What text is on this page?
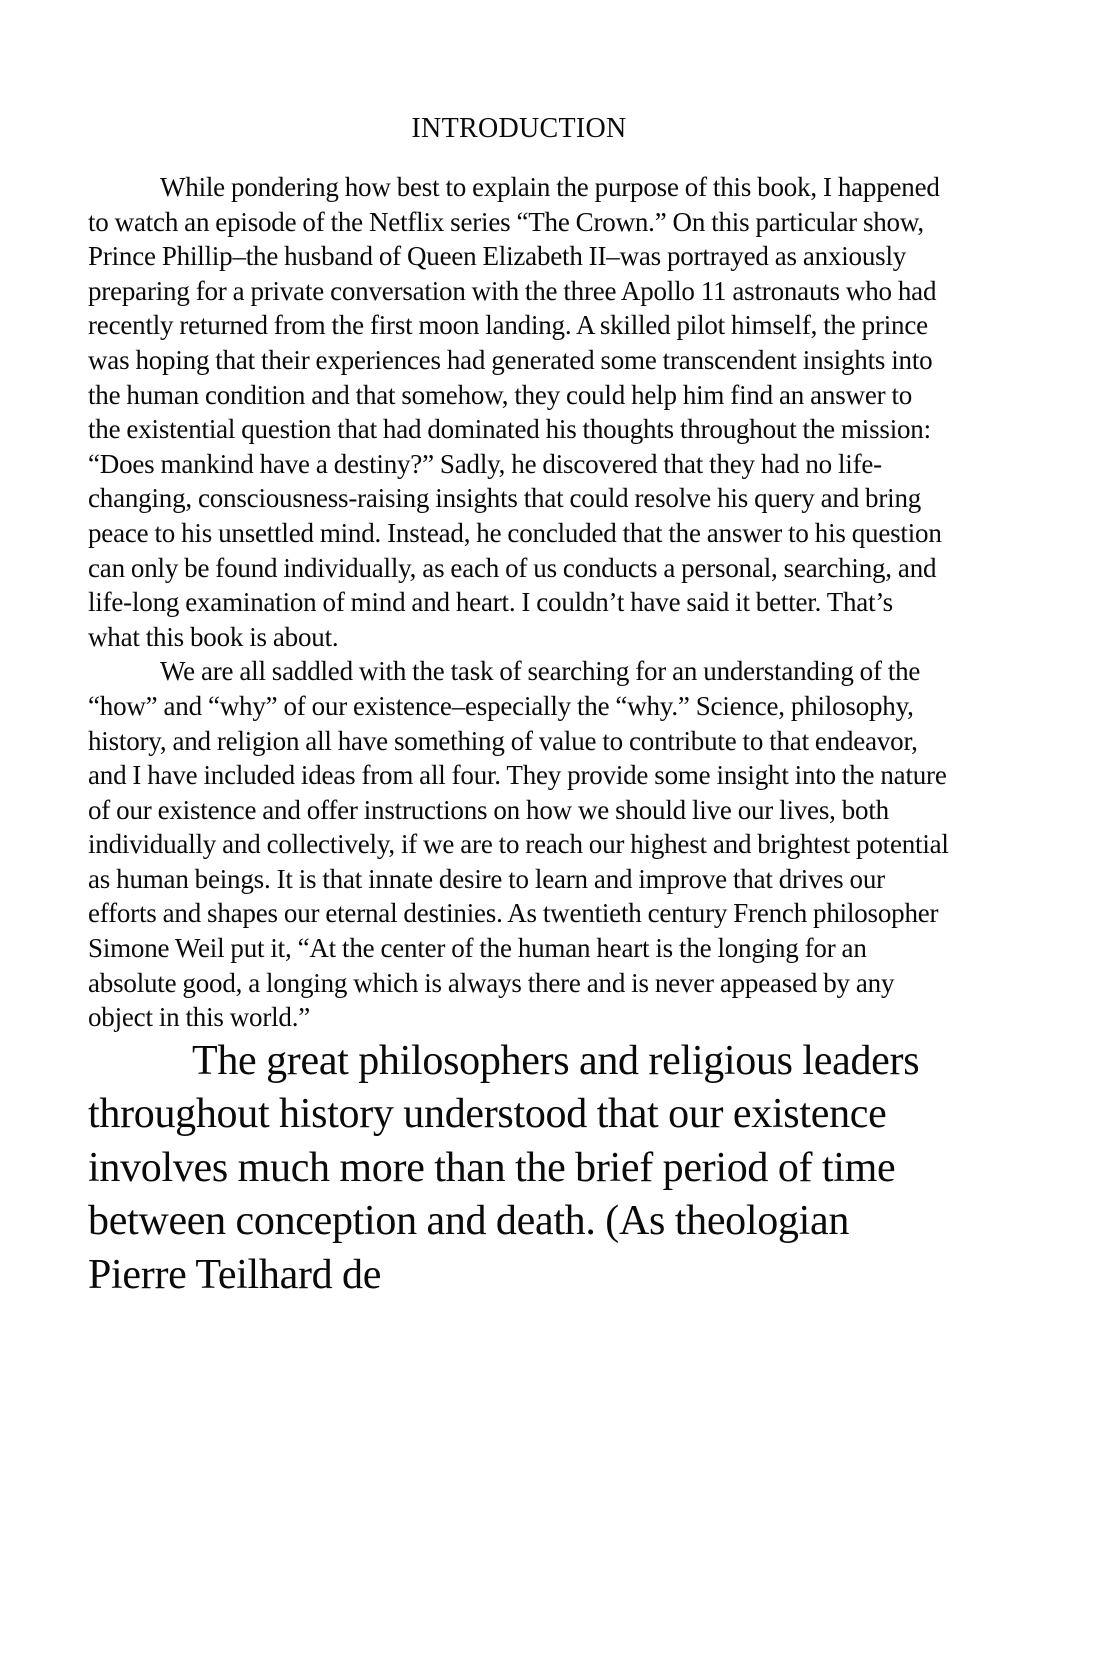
INTRODUCTION

While pondering how best to explain the purpose of this book, I happened to watch an episode of the Netflix series “The Crown.” On this particular show, Prince Phillip–the husband of Queen Elizabeth II–was portrayed as anxiously preparing for a private conversation with the three Apollo 11 astronauts who had recently returned from the first moon landing. A skilled pilot himself, the prince was hoping that their experiences had generated some transcendent insights into the human condition and that somehow, they could help him find an answer to the existential question that had dominated his thoughts throughout the mission: “Does mankind have a destiny?” Sadly, he discovered that they had no life-changing, consciousness-raising insights that could resolve his query and bring peace to his unsettled mind. Instead, he concluded that the answer to his question can only be found individually, as each of us conducts a personal, searching, and life-long examination of mind and heart. I couldn’t have said it better. That’s what this book is about.

We are all saddled with the task of searching for an understanding of the “how” and “why” of our existence–especially the “why.” Science, philosophy, history, and religion all have something of value to contribute to that endeavor, and I have included ideas from all four. They provide some insight into the nature of our existence and offer instructions on how we should live our lives, both individually and collectively, if we are to reach our highest and brightest potential as human beings. It is that innate desire to learn and improve that drives our efforts and shapes our eternal destinies. As twentieth century French philosopher Simone Weil put it, “At the center of the human heart is the longing for an absolute good, a longing which is always there and is never appeased by any object in this world.”

The great philosophers and religious leaders throughout history understood that our existence involves much more than the brief period of time between conception and death. (As theologian Pierre Teilhard de
